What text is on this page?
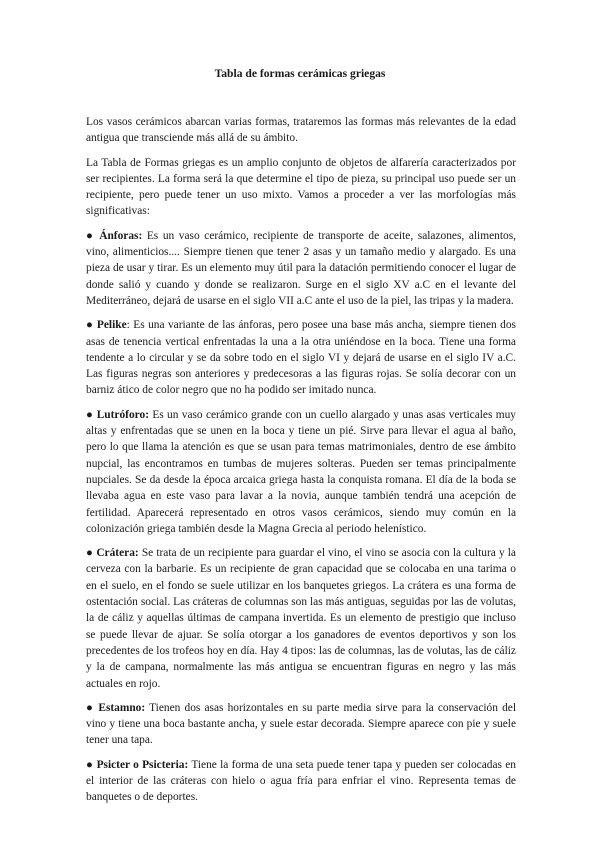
Tabla de formas cerámicas griegas

Los vasos cerámicos abarcan varias formas, trataremos las formas más relevantes de la edad antigua que transciende más allá de su ámbito.

La Tabla de Formas griegas es un amplio conjunto de objetos de alfarería caracterizados por ser recipientes. La forma será la que determine el tipo de pieza, su principal uso puede ser un recipiente, pero puede tener un uso mixto. Vamos a proceder a ver las morfologías más significativas:

● Ánforas: Es un vaso cerámico, recipiente de transporte de aceite, salazones, alimentos, vino, alimenticios.... Siempre tienen que tener 2 asas y un tamaño medio y alargado. Es una pieza de usar y tirar. Es un elemento muy útil para la datación permitiendo conocer el lugar de donde salió y cuando y donde se realizaron. Surge en el siglo XV a.C en el levante del Mediterráneo, dejará de usarse en el siglo VII a.C ante el uso de la piel, las tripas y la madera.

● Pelike: Es una variante de las ánforas, pero posee una base más ancha, siempre tienen dos asas de tenencia vertical enfrentadas la una a la otra uniéndose en la boca. Tiene una forma tendente a lo circular y se da sobre todo en el siglo VI y dejará de usarse en el siglo IV a.C. Las figuras negras son anteriores y predecesoras a las figuras rojas. Se solía decorar con un barniz ático de color negro que no ha podido ser imitado nunca.

● Lutróforo: Es un vaso cerámico grande con un cuello alargado y unas asas verticales muy altas y enfrentadas que se unen en la boca y tiene un pié. Sirve para llevar el agua al baño, pero lo que llama la atención es que se usan para temas matrimoniales, dentro de ese ámbito nupcial, las encontramos en tumbas de mujeres solteras. Pueden ser temas principalmente nupciales. Se da desde la época arcaica griega hasta la conquista romana. El día de la boda se llevaba agua en este vaso para lavar a la novia, aunque también tendrá una acepción de fertilidad. Aparecerá representado en otros vasos cerámicos, siendo muy común en la colonización griega también desde la Magna Grecia al periodo helenístico.

● Crátera: Se trata de un recipiente para guardar el vino, el vino se asocia con la cultura y la cerveza con la barbarie. Es un recipiente de gran capacidad que se colocaba en una tarima o en el suelo, en el fondo se suele utilizar en los banquetes griegos. La crátera es una forma de ostentación social. Las cráteras de columnas son las más antiguas, seguidas por las de volutas, la de cáliz y aquellas últimas de campana invertida. Es un elemento de prestigio que incluso se puede llevar de ajuar. Se solía otorgar a los ganadores de eventos deportivos y son los precedentes de los trofeos hoy en día. Hay 4 tipos: las de columnas, las de volutas, las de cáliz y la de campana, normalmente las más antigua se encuentran figuras en negro y las más actuales en rojo.

● Estamno: Tienen dos asas horizontales en su parte media sirve para la conservación del vino y tiene una boca bastante ancha, y suele estar decorada. Siempre aparece con pie y suele tener una tapa.

● Psicter o Psicteria: Tiene la forma de una seta puede tener tapa y pueden ser colocadas en el interior de las cráteras con hielo o agua fría para enfriar el vino. Representa temas de banquetes o de deportes.
